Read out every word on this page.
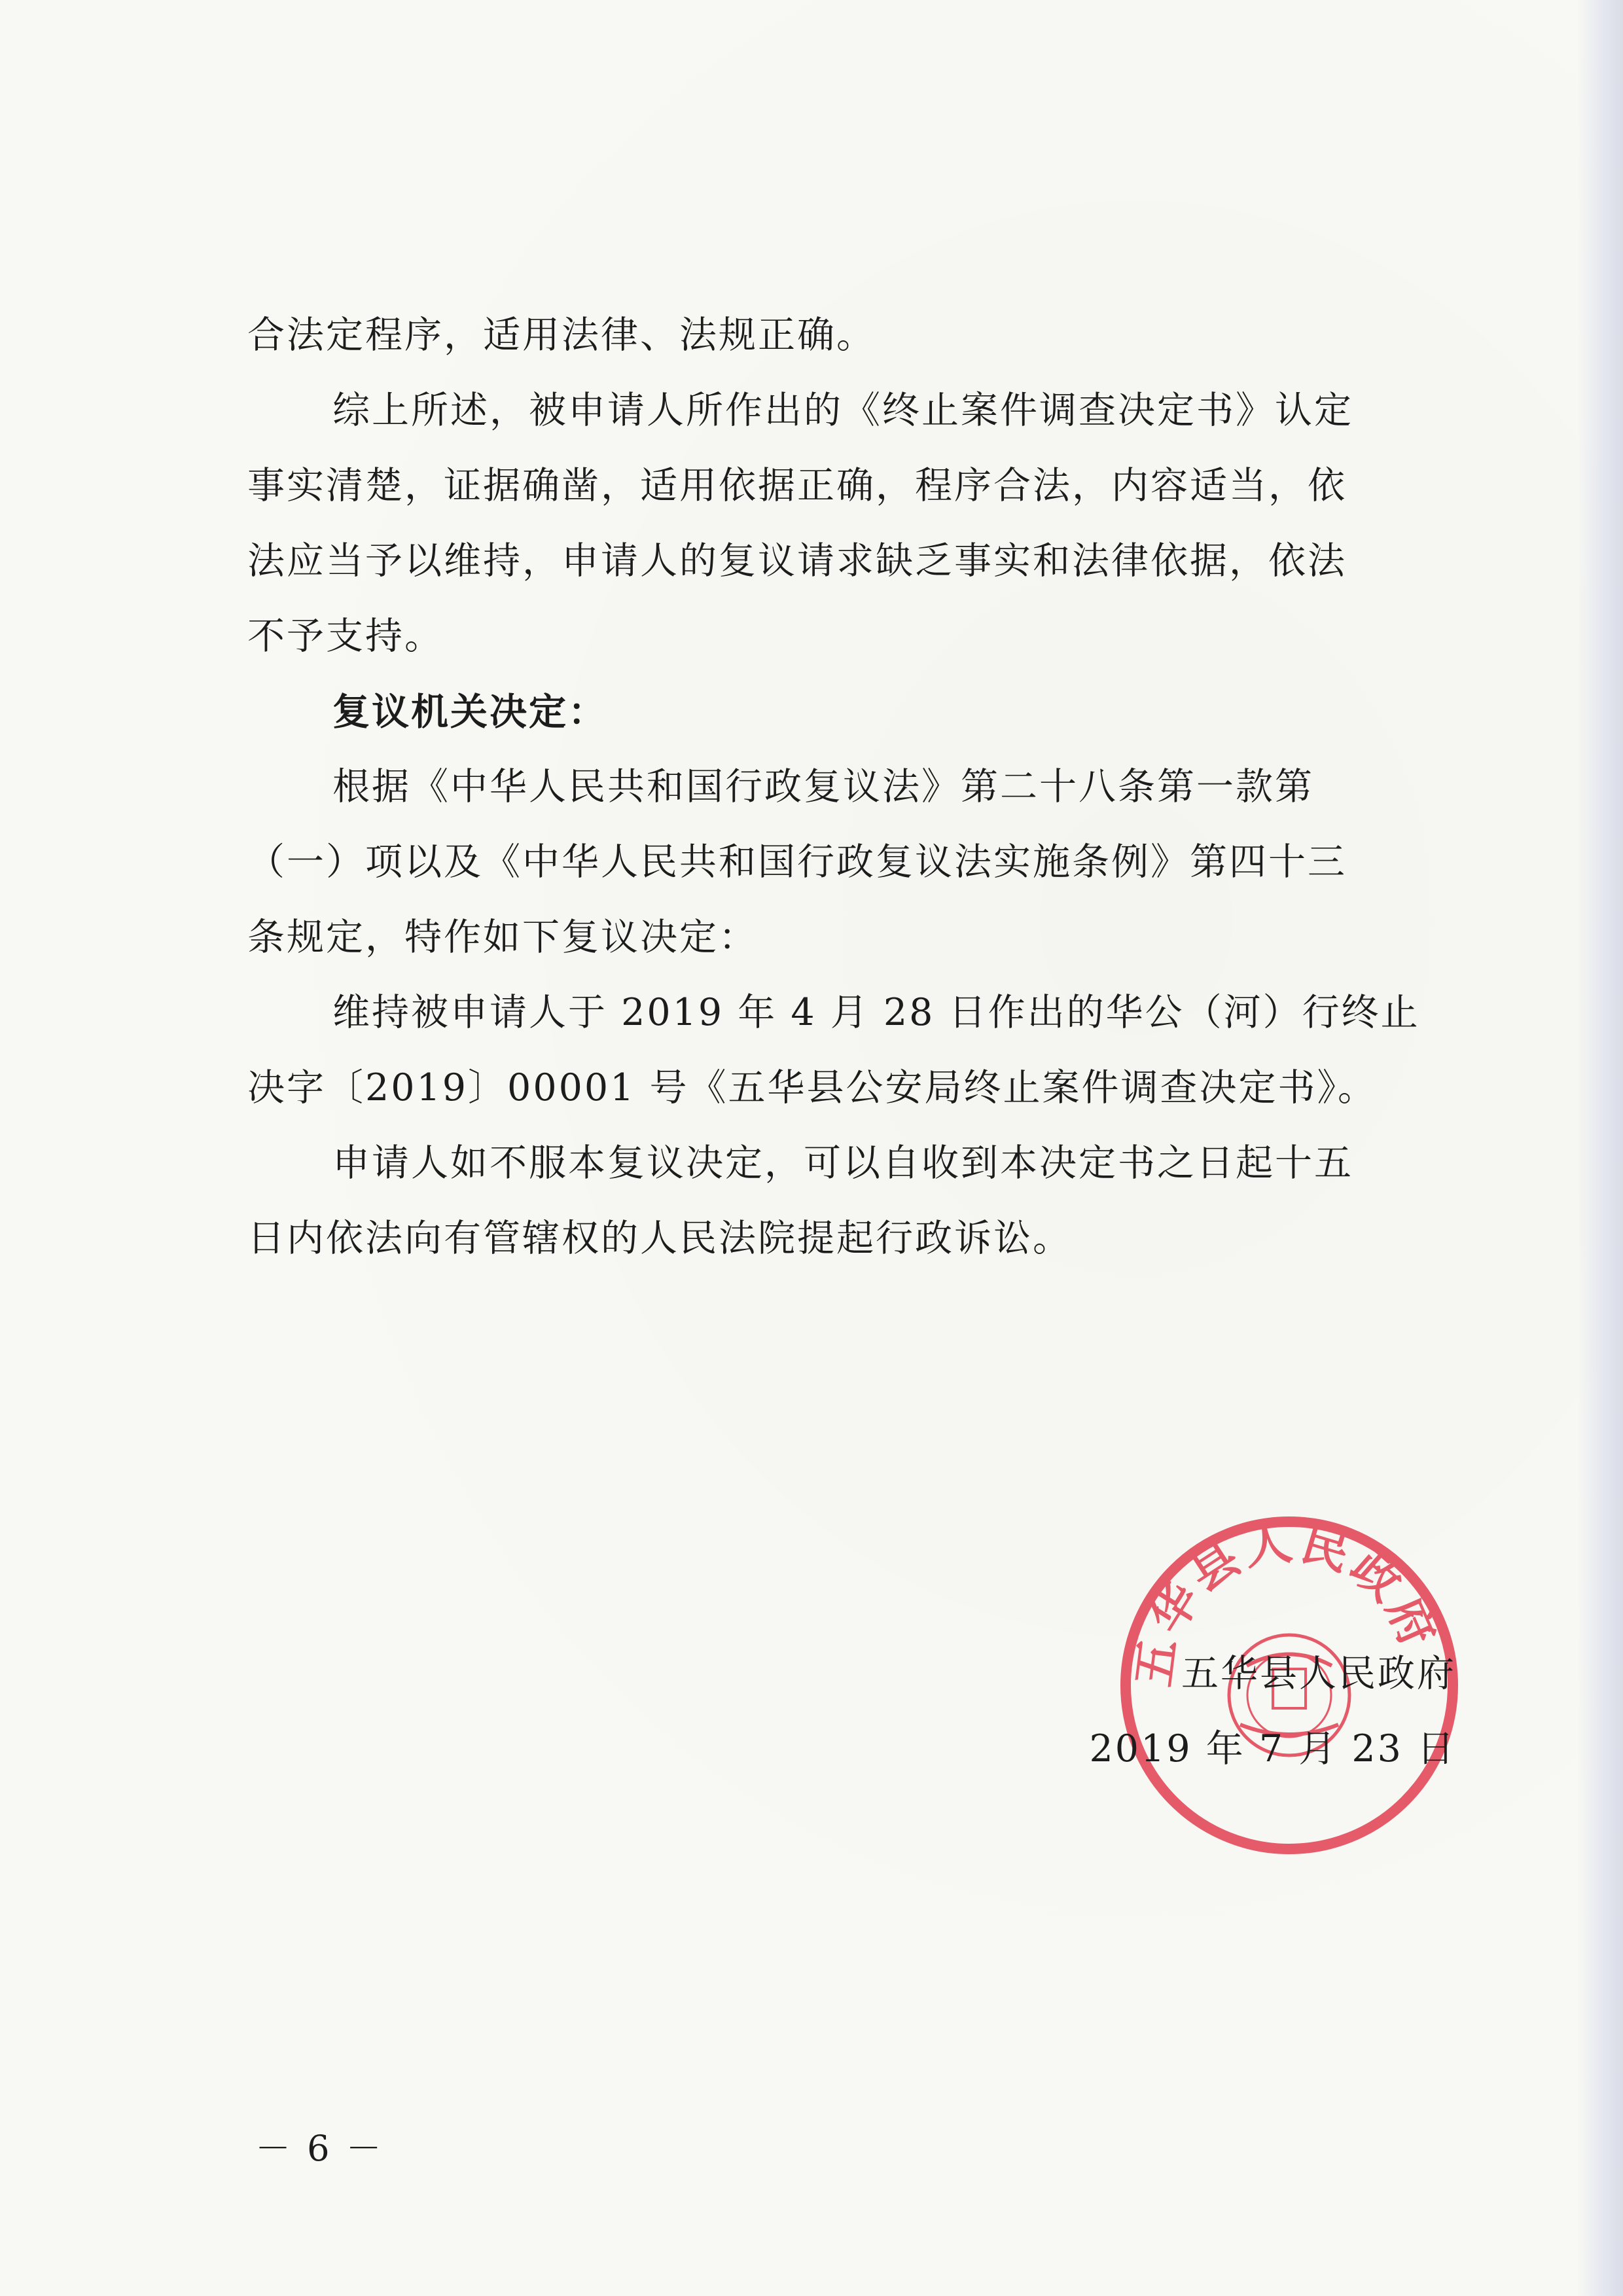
合法定程序，适用法律、法规正确。
综上所述，被申请人所作出的《终止案件调查决定书》认定
事实清楚，证据确凿，适用依据正确，程序合法，内容适当，依
法应当予以维持，申请人的复议请求缺乏事实和法律依据，依法
不予支持。
复议机关决定：
根据《中华人民共和国行政复议法》第二十八条第一款第
（一）项以及《中华人民共和国行政复议法实施条例》第四十三
条规定，特作如下复议决定：
维持被申请人于 2019 年 4 月 28 日作出的华公（河）行终止
决字〔2019〕00001 号《五华县公安局终止案件调查决定书》。
申请人如不服本复议决定，可以自收到本决定书之日起十五
日内依法向有管辖权的人民法院提起行政诉讼。
五华县人民政府
五华县人民政府
2019 年 7 月 23 日
－ 6 －
